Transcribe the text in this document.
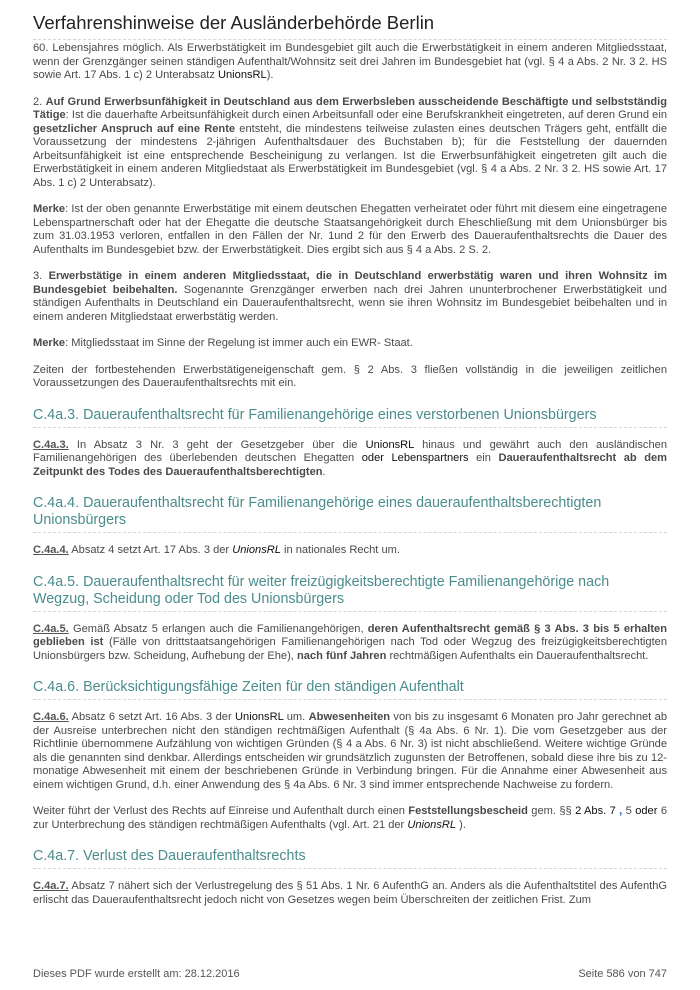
Verfahrenshinweise der Ausländerbehörde Berlin

60. Lebensjahres möglich. Als Erwerbstätigkeit im Bundesgebiet gilt auch die Erwerbstätigkeit in einem anderen Mitgliedsstaat, wenn der Grenzgänger seinen ständigen Aufenthalt/Wohnsitz seit drei Jahren im Bundesgebiet hat (vgl. § 4 a Abs. 2 Nr. 3 2. HS sowie Art. 17 Abs. 1 c) 2 Unterabsatz UnionsRL).

2. Auf Grund Erwerbsunfähigkeit in Deutschland aus dem Erwerbsleben ausscheidende Beschäftigte und selbstständig Tätige: Ist die dauerhafte Arbeitsunfähigkeit durch einen Arbeitsunfall oder eine Berufskrankheit eingetreten, auf deren Grund ein gesetzlicher Anspruch auf eine Rente entsteht, die mindestens teilweise zulasten eines deutschen Trägers geht, entfällt die Voraussetzung der mindestens 2-jährigen Aufenthaltsdauer des Buchstaben b); für die Feststellung der dauernden Arbeitsunfähigkeit ist eine entsprechende Bescheinigung zu verlangen. Ist die Erwerbsunfähigkeit eingetreten gilt auch die Erwerbstätigkeit in einem anderen Mitgliedstaat als Erwerbstätigkeit im Bundesgebiet (vgl. § 4 a Abs. 2 Nr. 3 2. HS sowie Art. 17 Abs. 1 c) 2 Unterabsatz).

Merke: Ist der oben genannte Erwerbstätige mit einem deutschen Ehegatten verheiratet oder führt mit diesem eine eingetragene Lebenspartnerschaft oder hat der Ehegatte die deutsche Staatsangehörigkeit durch Eheschließung mit dem Unionsbürger bis zum 31.03.1953 verloren, entfallen in den Fällen der Nr. 1und 2 für den Erwerb des Daueraufenthaltsrechts die Dauer des Aufenthalts im Bundesgebiet bzw. der Erwerbstätigkeit. Dies ergibt sich aus § 4 a Abs. 2 S. 2.

3. Erwerbstätige in einem anderen Mitgliedsstaat, die in Deutschland erwerbstätig waren und ihren Wohnsitz im Bundesgebiet beibehalten. Sogenannte Grenzgänger erwerben nach drei Jahren ununterbrochener Erwerbstätigkeit und ständigen Aufenthalts in Deutschland ein Daueraufenthaltsrecht, wenn sie ihren Wohnsitz im Bundesgebiet beibehalten und in einem anderen Mitgliedstaat erwerbstätig werden.

Merke: Mitgliedsstaat im Sinne der Regelung ist immer auch ein EWR- Staat.

Zeiten der fortbestehenden Erwerbstätigeneigenschaft gem. § 2 Abs. 3 fließen vollständig in die jeweiligen zeitlichen Voraussetzungen des Daueraufenthaltsrechts mit ein.

C.4a.3. Daueraufenthaltsrecht für Familienangehörige eines verstorbenen Unionsbürgers

C.4a.3. In Absatz 3 Nr. 3 geht der Gesetzgeber über die UnionsRL hinaus und gewährt auch den ausländischen Familienangehörigen des überlebenden deutschen Ehegatten oder Lebenspartners ein Daueraufenthaltsrecht ab dem Zeitpunkt des Todes des Daueraufenthaltsberechtigten.

C.4a.4. Daueraufenthaltsrecht für Familienangehörige eines daueraufenthaltsberechtigten Unionsbürgers

C.4a.4. Absatz 4 setzt Art. 17 Abs. 3 der UnionsRL in nationales Recht um.

C.4a.5. Daueraufenthaltsrecht für weiter freizügigkeitsberechtigte Familienangehörige nach Wegzug, Scheidung oder Tod des Unionsbürgers

C.4a.5. Gemäß Absatz 5 erlangen auch die Familienangehörigen, deren Aufenthaltsrecht gemäß § 3 Abs. 3 bis 5 erhalten geblieben ist (Fälle von drittstaatsangehörigen Familienangehörigen nach Tod oder Wegzug des freizügigkeitsberechtigten Unionsbürgers bzw. Scheidung, Aufhebung der Ehe), nach fünf Jahren rechtmäßigen Aufenthalts ein Daueraufenthaltsrecht.

C.4a.6. Berücksichtigungsfähige Zeiten für den ständigen Aufenthalt

C.4a.6. Absatz 6 setzt Art. 16 Abs. 3 der UnionsRL um. Abwesenheiten von bis zu insgesamt 6 Monaten pro Jahr gerechnet ab der Ausreise unterbrechen nicht den ständigen rechtmäßigen Aufenthalt (§ 4a Abs. 6 Nr. 1). Die vom Gesetzgeber aus der Richtlinie übernommene Aufzählung von wichtigen Gründen (§ 4 a Abs. 6 Nr. 3) ist nicht abschließend. Weitere wichtige Gründe als die genannten sind denkbar. Allerdings entscheiden wir grundsätzlich zugunsten der Betroffenen, sobald diese ihre bis zu 12-monatige Abwesenheit mit einem der beschriebenen Gründe in Verbindung bringen. Für die Annahme einer Abwesenheit aus einem wichtigen Grund, d.h. einer Anwendung des § 4a Abs. 6 Nr. 3 sind immer entsprechende Nachweise zu fordern.

Weiter führt der Verlust des Rechts auf Einreise und Aufenthalt durch einen Feststellungsbescheid gem. §§ 2 Abs. 7 , 5 oder 6 zur Unterbrechung des ständigen rechtmäßigen Aufenthalts (vgl. Art. 21 der UnionsRL ).

C.4a.7. Verlust des Daueraufenthaltsrechts

C.4a.7. Absatz 7 nähert sich der Verlustregelung des § 51 Abs. 1 Nr. 6 AufenthG an. Anders als die Aufenthaltstitel des AufenthG erlischt das Daueraufenthaltsrecht jedoch nicht von Gesetzes wegen beim Überschreiten der zeitlichen Frist. Zum

Dieses PDF wurde erstellt am: 28.12.2016	Seite 586 von 747
